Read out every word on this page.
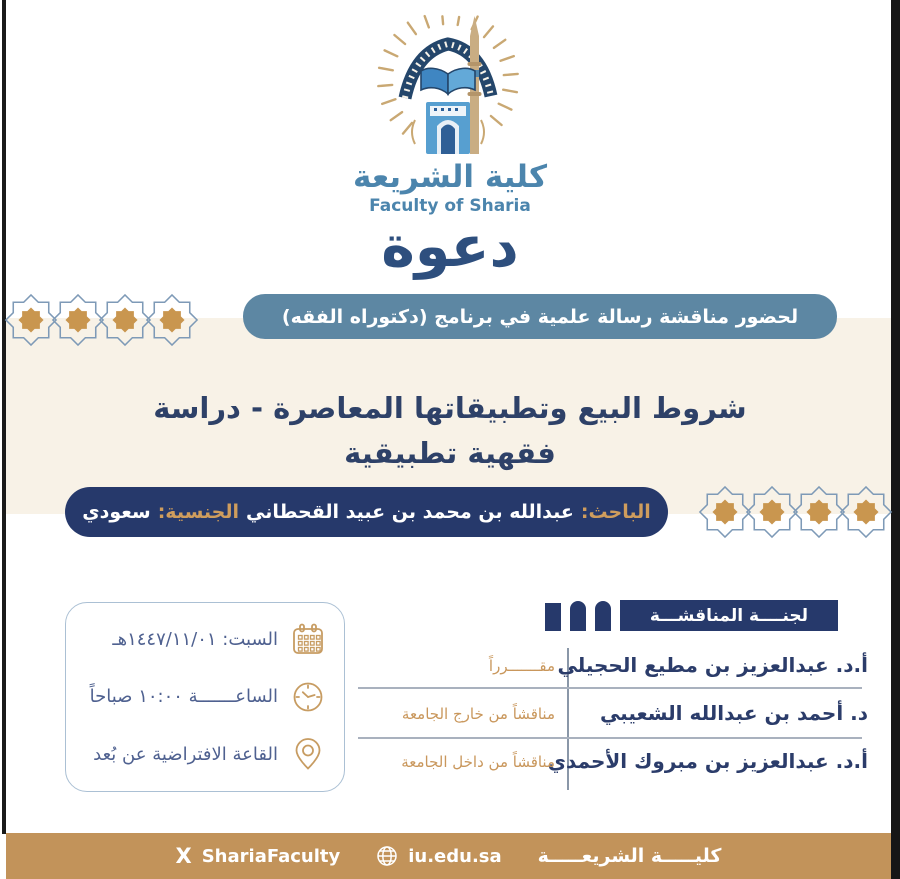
كلية الشريعة
Faculty of Sharia
دعوة
لحضور مناقشة رسالة علمية في برنامج (دكتوراه الفقه)
شروط البيع وتطبيقاتها المعاصرة - دراسة فقهية تطبيقية
الباحث:
عبدالله بن محمد بن عبيد القحطاني
الجنسية:
سعودي
لجنــــة المناقشـــة
أ.د. عبدالعزيز بن مطيع الحجيلي
مقـــــــرراً
د. أحمد بن عبدالله الشعيبي
مناقشاً من خارج الجامعة
أ.د. عبدالعزيز بن مبروك الأحمدي
مناقشاً من داخل الجامعة
السبت: ١٤٤٧/١١/٠١هـ
الساعـــــــة ١٠:٠٠ صباحاً
القاعة الافتراضية عن بُعد
X ShariaFaculty	iu.edu.sa كليـــــة الشريعـــــة
